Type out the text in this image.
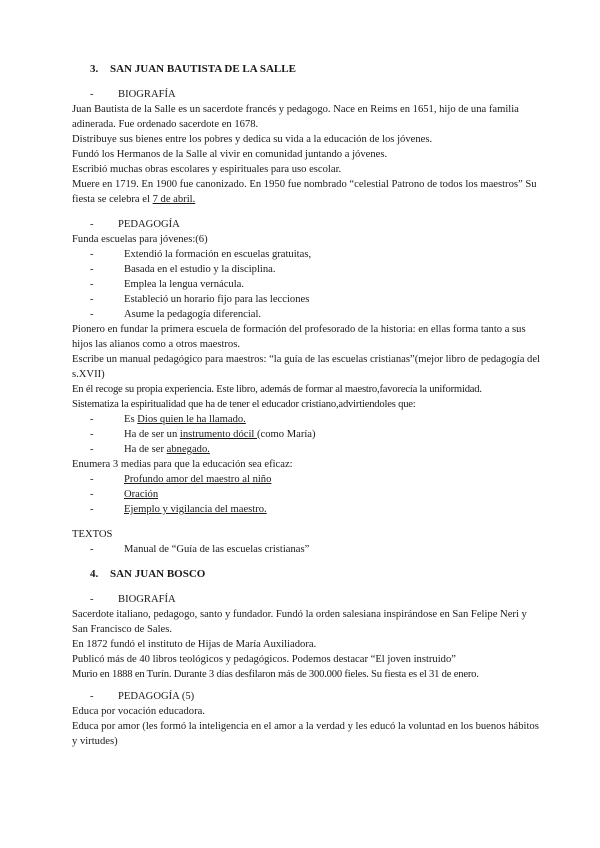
3. SAN JUAN BAUTISTA DE LA SALLE

- BIOGRAFÍA

Juan Bautista de la Salle es un sacerdote francés y pedagogo. Nace en Reims en 1651, hijo de una familia adinerada. Fue ordenado sacerdote en 1678.

Distribuye sus bienes entre los pobres y dedica su vida a la educación de los jóvenes.

Fundó los Hermanos de la Salle al vivir en comunidad juntando a jóvenes.

Escribió muchas obras escolares y espirituales para uso escolar.

Muere en 1719. En 1900 fue canonizado. En 1950 fue nombrado “celestial Patrono de todos los maestros” Su fiesta se celebra el 7 de abril.

- PEDAGOGÍA

Funda escuelas para jóvenes:(6)

-	Extendió la formación en escuelas gratuitas,

-	Basada en el estudio y la disciplina.

-	Emplea la lengua vernácula.

-	Estableció un horario fijo para las lecciones

-	Asume la pedagogía diferencial.

Pionero en fundar la primera escuela de formación del profesorado de la historia: en ellas forma tanto a sus hijos las alianos como a otros maestros.

Escribe un manual pedagógico para maestros: “la guía de las escuelas cristianas”(mejor libro de pedagogía del s.XVII)

En él recoge su propia experiencia. Este libro, además de formar al maestro,favorecía la uniformidad.

Sistematiza la espiritualidad que ha de tener el educador cristiano,advirtiendoles que:

-	Es Dios quien le ha llamado.

-	Ha de ser un instrumento dócil (como María)

-	Ha de ser abnegado.

Enumera 3 medias para que la educación sea eficaz:

-	Profundo amor del maestro al niño

-	Oración

-	Ejemplo y vigilancia del maestro.

TEXTOS

-	Manual de “Guía de las escuelas cristianas”

4. SAN JUAN BOSCO

- BIOGRAFÍA

Sacerdote italiano, pedagogo, santo y fundador. Fundó la orden salesiana inspirándose en San Felipe Neri y San Francisco de Sales.

En 1872 fundó el instituto de Hijas de María Auxiliadora.

Publicó más de 40 libros teológicos y pedagógicos. Podemos destacar “El joven instruido”

Murio en 1888 en Turín. Durante 3 días desfilaron más de 300.000 fieles. Su fiesta es el 31 de enero.

- PEDAGOGÍA (5)

Educa por vocación educadora.

Educa por amor (les formó la inteligencia en el amor a la verdad y les educó la voluntad en los buenos hábitos y virtudes)
